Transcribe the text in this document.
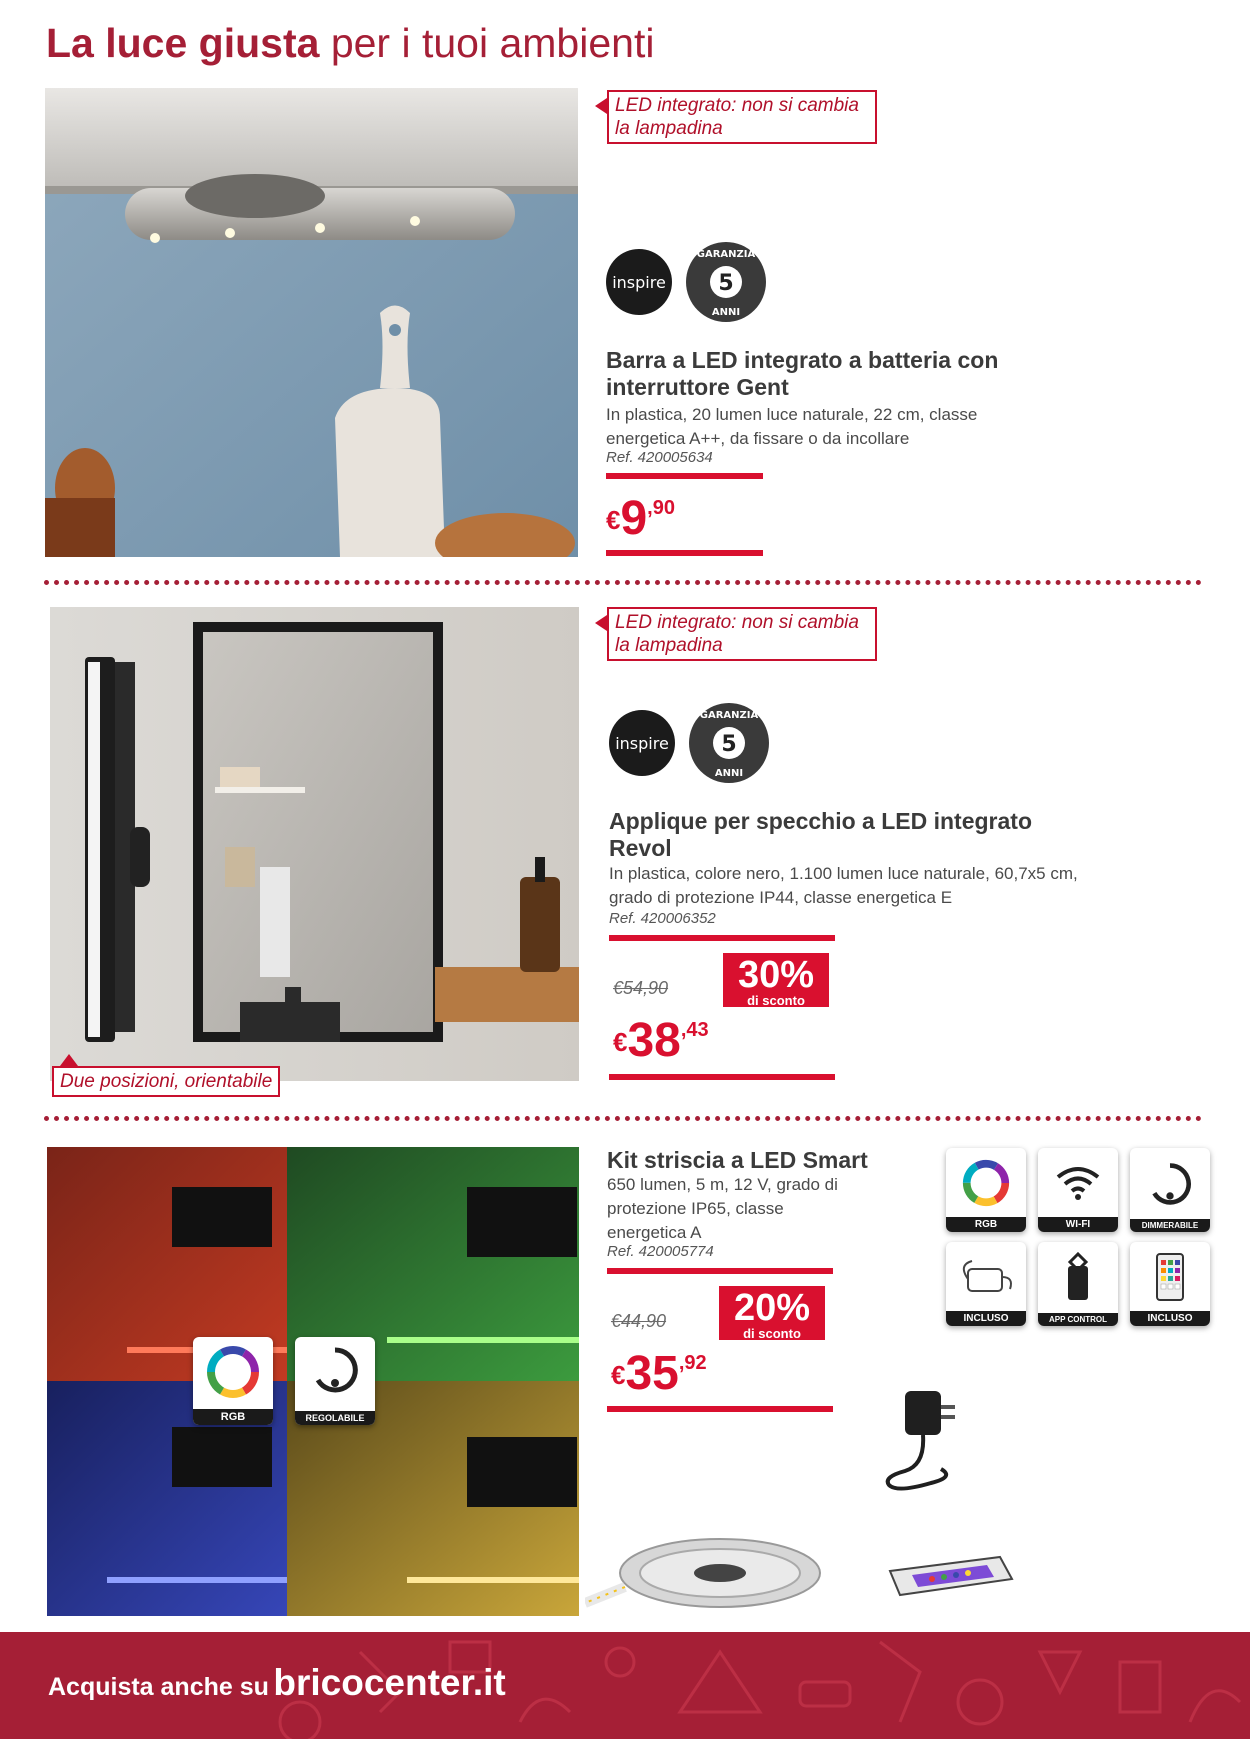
La luce giusta per i tuoi ambienti
LED integrato: non si cambia la lampadina
inspire 5
GARANZIA
ANNI
Barra a LED integrato a batteria con interruttore Gent
In plastica, 20 lumen luce naturale, 22 cm, classe energetica A++, da fissare o da incollare
Ref. 420005634
€9,90
LED integrato: non si cambia la lampadina
Due posizioni, orientabile
inspire 5
GARANZIA
ANNI
Applique per specchio a LED integrato Revol
In plastica, colore nero, 1.100 lumen luce naturale, 60,7x5 cm, grado di protezione IP44, classe energetica E
Ref. 420006352
€54,90	30%
di sconto
€38,43
RGB	REGOLABILE
Kit striscia a LED Smart
650 lumen, 5 m, 12 V, grado di protezione IP65, classe energetica A
Ref. 420005774
€44,90	20%
di sconto
€35,92
RGB	WI-FI	DIMMERABILE
INCLUSO	APP CONTROL	INCLUSO
Acquista anche su bricocenter.it
